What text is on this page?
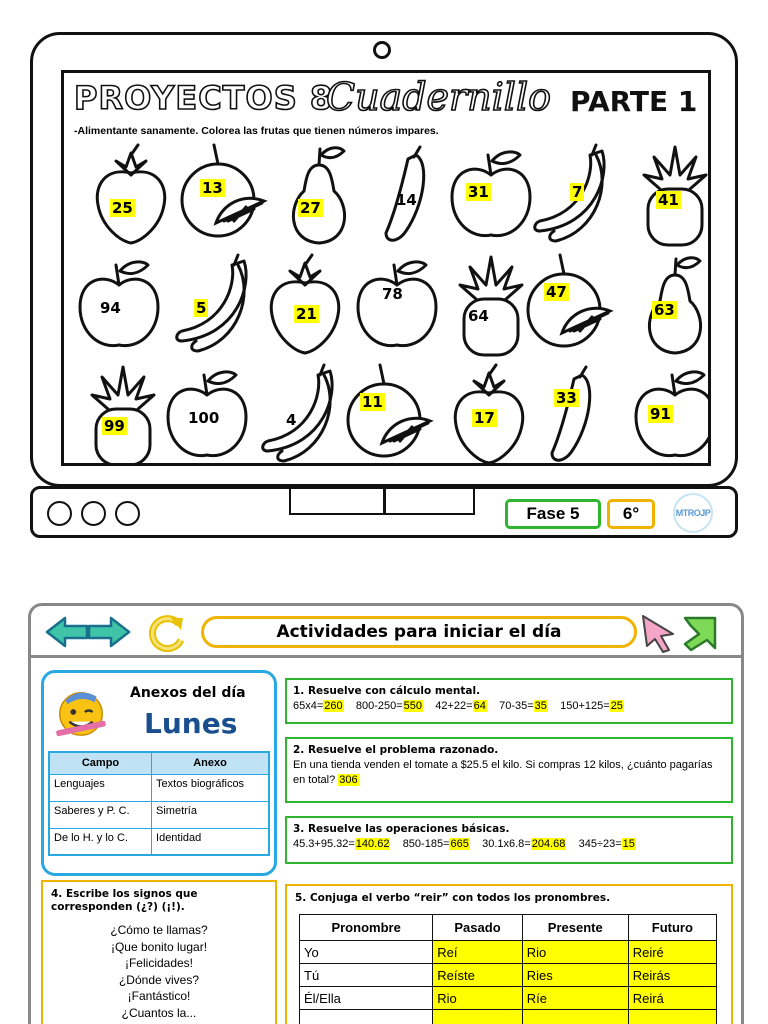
PROYECTOS 8
Cuadernillo PARTE 1
-Alimentante sanamente. Colorea las frutas que tienen números impares.
25
13
27	14	31	7	41
94	5	21
78
64
47
63
99	100	4
11
17
33
91
Fase 5	6°	MTROJP
Actividades para iniciar el día
Anexos del día
Lunes
Campo	Anexo
Lenguajes	Textos biográficos
Saberes y P. C.	Simetría
De lo H. y lo C.	Identidad
1. Resuelve con cálculo mental.
65x4=260 800-250=550 42+22=64 70-35=35 150+125=25
2. Resuelve el problema razonado.
En una tienda venden el tomate a $25.5 el kilo. Si compras 12 kilos, ¿cuánto pagarías en total? 306
3. Resuelve las operaciones básicas.
45.3+95.32=140.62 850-185=665 30.1x6.8=204.68 345÷23=15
4. Escribe los signos que corresponden (¿?) (¡!).
¿Cómo te llamas?
¡Que bonito lugar!
¡Felicidades!
¿Dónde vives?
¡Fantástico!
¿Cuantos la...
5. Conjuga el verbo “reir” con todos los pronombres.
Pronombre	Pasado	Presente	Futuro
Yo	Reí	Rio	Reiré
Tú	Reíste	Ries	Reirás
Él/Ella	Rio	Ríe	Reirá
